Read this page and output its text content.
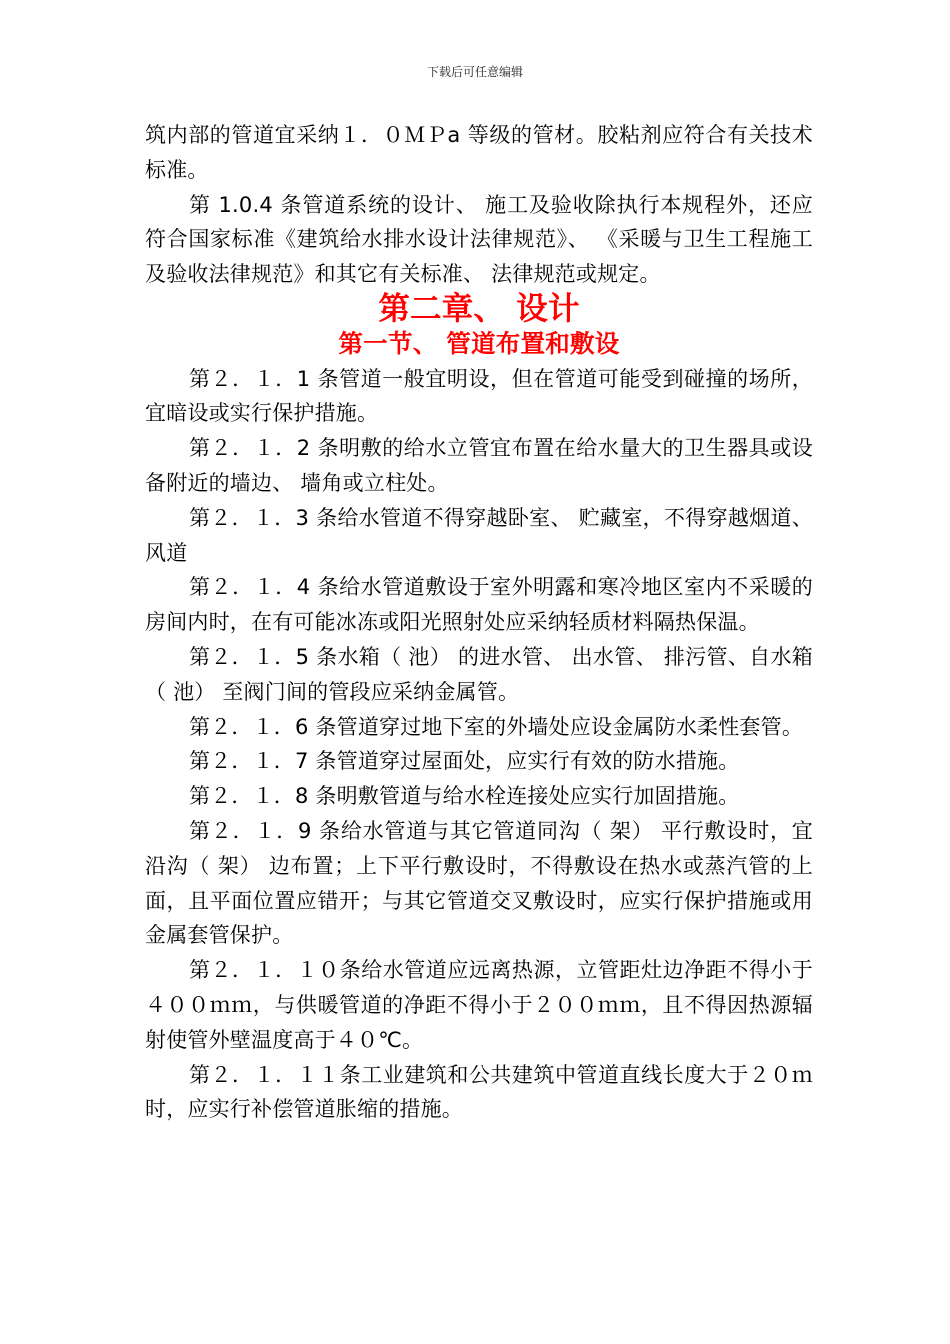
下载后可任意编辑

筑内部的管道宜采纳１．０ＭＰa 等级的管材。胶粘剂应符合有关技术标准。

第 1.0.4 条管道系统的设计、 施工及验收除执行本规程外，还应符合国家标准《建筑给水排水设计法律规范》、 《采暖与卫生工程施工及验收法律规范》和其它有关标准、 法律规范或规定。

第二章、 设计
第一节、 管道布置和敷设

第２．１．1 条管道一般宜明设，但在管道可能受到碰撞的场所，宜暗设或实行保护措施。

第２．１．2 条明敷的给水立管宜布置在给水量大的卫生器具或设备附近的墙边、 墙角或立柱处。

第２．１．3 条给水管道不得穿越卧室、 贮藏室，不得穿越烟道、 风道

第２．１．4 条给水管道敷设于室外明露和寒冷地区室内不采暖的房间内时，在有可能冰冻或阳光照射处应采纳轻质材料隔热保温。

第２．１．5 条水箱（ 池） 的进水管、 出水管、 排污管、自水箱（ 池） 至阀门间的管段应采纳金属管。

第２．１．6 条管道穿过地下室的外墙处应设金属防水柔性套管。

第２．１．7 条管道穿过屋面处，应实行有效的防水措施。

第２．１．8 条明敷管道与给水栓连接处应实行加固措施。

第２．１．9 条给水管道与其它管道同沟（ 架） 平行敷设时，宜沿沟（ 架） 边布置；上下平行敷设时，不得敷设在热水或蒸汽管的上面，且平面位置应错开；与其它管道交叉敷设时，应实行保护措施或用金属套管保护。

第２．１．１０条给水管道应远离热源，立管距灶边净距不得小于４００ｍｍ，与供暖管道的净距不得小于２００ｍｍ，且不得因热源辐射使管外壁温度高于４０℃。

第２．１．１１条工业建筑和公共建筑中管道直线长度大于２０ｍ时，应实行补偿管道胀缩的措施。
